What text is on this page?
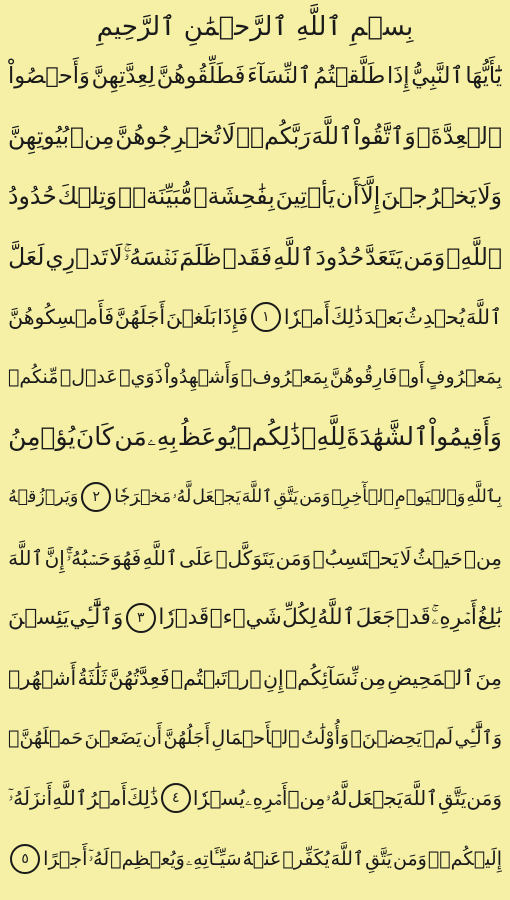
بِسۡمِ ٱللَّهِ ٱلرَّحۡمَٰنِ ٱلرَّحِيمِ
يَٰٓأَيُّهَا
ٱلنَّبِيُّ
إِذَا
طَلَّقۡتُمُ
ٱلنِّسَآءَ
فَطَلِّقُوهُنَّ
لِعِدَّتِهِنَّ
وَأَحۡصُواْ
ٱلۡعِدَّةَۖ
وَٱتَّقُواْ
ٱللَّهَ
رَبَّكُمۡۖ
لَا
تُخۡرِجُوهُنَّ
مِنۢ
بُيُوتِهِنَّ
وَلَا
يَخۡرُجۡنَ
إِلَّآ
أَن
يَأۡتِينَ
بِفَٰحِشَةٖ
مُّبَيِّنَةٖۚ
وَتِلۡكَ
حُدُودُ
ٱللَّهِۚ
وَمَن
يَتَعَدَّ
حُدُودَ
ٱللَّهِ
فَقَدۡ
ظَلَمَ
نَفۡسَهُۥۚ
لَا
تَدۡرِي
لَعَلَّ
ٱللَّهَ
يُحۡدِثُ
بَعۡدَ
ذَٰلِكَ
أَمۡرٗا
١
فَإِذَا
بَلَغۡنَ
أَجَلَهُنَّ
فَأَمۡسِكُوهُنَّ
بِمَعۡرُوفٍ
أَوۡ
فَارِقُوهُنَّ
بِمَعۡرُوفٖ
وَأَشۡهِدُواْ
ذَوَيۡ
عَدۡلٖ
مِّنكُمۡ
وَأَقِيمُواْ
ٱلشَّهَٰدَةَ
لِلَّهِۚ
ذَٰلِكُمۡ
يُوعَظُ
بِهِۦ
مَن
كَانَ
يُؤۡمِنُ
بِٱللَّهِ
وَٱلۡيَوۡمِ
ٱلۡأٓخِرِۚ
وَمَن
يَتَّقِ
ٱللَّهَ
يَجۡعَل
لَّهُۥ
مَخۡرَجٗا
٢
وَيَرۡزُقۡهُ
مِنۡ
حَيۡثُ
لَا
يَحۡتَسِبُۚ
وَمَن
يَتَوَكَّلۡ
عَلَى
ٱللَّهِ
فَهُوَ
حَسۡبُهُۥٓۚ
إِنَّ
ٱللَّهَ
بَٰلِغُ
أَمۡرِهِۦۚ
قَدۡ
جَعَلَ
ٱللَّهُ
لِكُلِّ
شَيۡءٖ
قَدۡرٗا
٣
وَٱلَّٰٓـِٔي
يَئِسۡنَ
مِنَ
ٱلۡمَحِيضِ
مِن
نِّسَآئِكُمۡ
إِنِ
ٱرۡتَبۡتُمۡ
فَعِدَّتُهُنَّ
ثَلَٰثَةُ
أَشۡهُرٖ
وَٱلَّٰٓـِٔي
لَمۡ
يَحِضۡنَۚ
وَأُوْلَٰتُ
ٱلۡأَحۡمَالِ
أَجَلُهُنَّ
أَن
يَضَعۡنَ
حَمۡلَهُنَّۚ
وَمَن
يَتَّقِ
ٱللَّهَ
يَجۡعَل
لَّهُۥ
مِنۡ
أَمۡرِهِۦ
يُسۡرٗا
٤
ذَٰلِكَ
أَمۡرُ
ٱللَّهِ
أَنزَلَهُۥٓ
إِلَيۡكُمۡۚ
وَمَن
يَتَّقِ
ٱللَّهَ
يُكَفِّرۡ
عَنۡهُ
سَيِّـَٔاتِهِۦ
وَيُعۡظِمۡ
لَهُۥٓ
أَجۡرًا
٥
